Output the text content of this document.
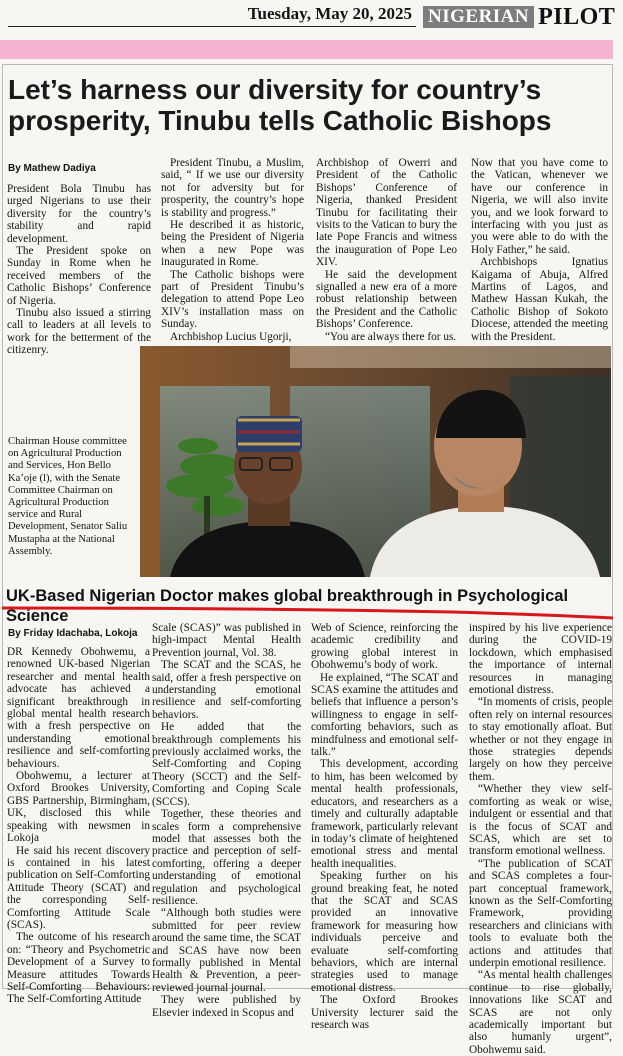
Tuesday, May 20, 2025 NIGERIAN PILOT
Let’s harness our diversity for country’s prosperity, Tinubu tells Catholic Bishops
By Mathew Dadiya

President Bola Tinubu has urged Nigerians to use their diversity for the country’s stability and rapid development.

The President spoke on Sunday in Rome when he received members of the Catholic Bishops’ Conference of Nigeria.

Tinubu also issued a stirring call to leaders at all levels to work for the betterment of the citizenry.

President Tinubu, a Muslim, said, “ If we use our diversity not for adversity but for prosperity, the country’s hope is stability and progress.”

He described it as historic, being the President of Nigeria when a new Pope was inaugurated in Rome.

The Catholic bishops were part of President Tinubu’s delegation to attend Pope Leo XIV’s installation mass on Sunday.

Archbishop Lucius Ugorji,

Archbishop of Owerri and President of the Catholic Bishops’ Conference of Nigeria, thanked President Tinubu for facilitating their visits to the Vatican to bury the late Pope Francis and witness the inauguration of Pope Leo XIV.

He said the development signalled a new era of a more robust relationship between the President and the Catholic Bishops’ Conference.

“You are always there for us.

Now that you have come to the Vatican, whenever we have our conference in Nigeria, we will also invite you, and we look forward to interfacing with you just as you were able to do with the Holy Father,” he said.

Archbishops Ignatius Kaigama of Abuja, Alfred Martins of Lagos, and Mathew Hassan Kukah, the Catholic Bishop of Sokoto Diocese, attended the meeting with the President.

Chairman House committee on Agricultural Production and Services, Hon Bello Ka’oje (l), with the Senate Committee Chairman on Agricultural Production service and Rural Development, Senator Saliu Mustapha at the National Assembly.
UK-Based Nigerian Doctor makes global breakthrough in Psychological Science
By Friday Idachaba, Lokoja

DR Kennedy Obohwemu, a renowned UK-based Nigerian researcher and mental health advocate has achieved a significant breakthrough in global mental health research with a fresh perspective on understanding emotional resilience and self-comforting behaviours.

Obohwemu, a lecturer at Oxford Brookes University, GBS Partnership, Birmingham, UK, disclosed this while speaking with newsmen in Lokoja

He said his recent discovery is contained in his latest publication on Self-Comforting Attitude Theory (SCAT) and the corresponding Self-Comforting Attitude Scale (SCAS).

The outcome of his research on: “Theory and Psychometric Development of a Survey to Measure attitudes Towards Self-Comforting Behaviours: The Self-Comforting Attitude

Scale (SCAS)” was published in high-impact Mental Health Prevention journal, Vol. 38.

The SCAT and the SCAS, he said, offer a fresh perspective on understanding emotional resilience and self-comforting behaviors.

He added that the breakthrough complements his previously acclaimed works, the Self-Comforting and Coping Theory (SCCT) and the Self-Comforting and Coping Scale (SCCS).

Together, these theories and scales form a comprehensive model that assesses both the practice and perception of self-comforting, offering a deeper understanding of emotional regulation and psychological resilience.

“Although both studies were submitted for peer review around the same time, the SCAT and SCAS have now been formally published in Mental Health & Prevention, a peer-reviewed journal journal.

They were published by Elsevier indexed in Scopus and

Web of Science, reinforcing the academic credibility and growing global interest in Obohwemu’s body of work.

He explained, “The SCAT and SCAS examine the attitudes and beliefs that influence a person’s willingness to engage in self-comforting behaviors, such as mindfulness and emotional self-talk.”

This development, according to him, has been welcomed by mental health professionals, educators, and researchers as a timely and culturally adaptable framework, particularly relevant in today’s climate of heightened emotional stress and mental health inequalities.

Speaking further on his ground breaking feat, he noted that the SCAT and SCAS provided an innovative framework for measuring how individuals perceive and evaluate self-comforting behaviors, which are internal strategies used to manage emotional distress.

The Oxford Brookes University lecturer said the research was

inspired by his live experience during the COVID-19 lockdown, which emphasised the importance of internal resources in managing emotional distress.

“In moments of crisis, people often rely on internal resources to stay emotionally afloat. But whether or not they engage in those strategies depends largely on how they perceive them.

“Whether they view self-comforting as weak or wise, indulgent or essential and that is the focus of SCAT and SCAS, which are set to transform emotional wellness.

“The publication of SCAT and SCAS completes a four-part conceptual framework, known as the Self-Comforting Framework, providing researchers and clinicians with tools to evaluate both the actions and attitudes that underpin emotional resilience.

“As mental health challenges continue to rise globally, innovations like SCAT and SCAS are not only academically important but also humanly urgent”, Obohwemu said.
